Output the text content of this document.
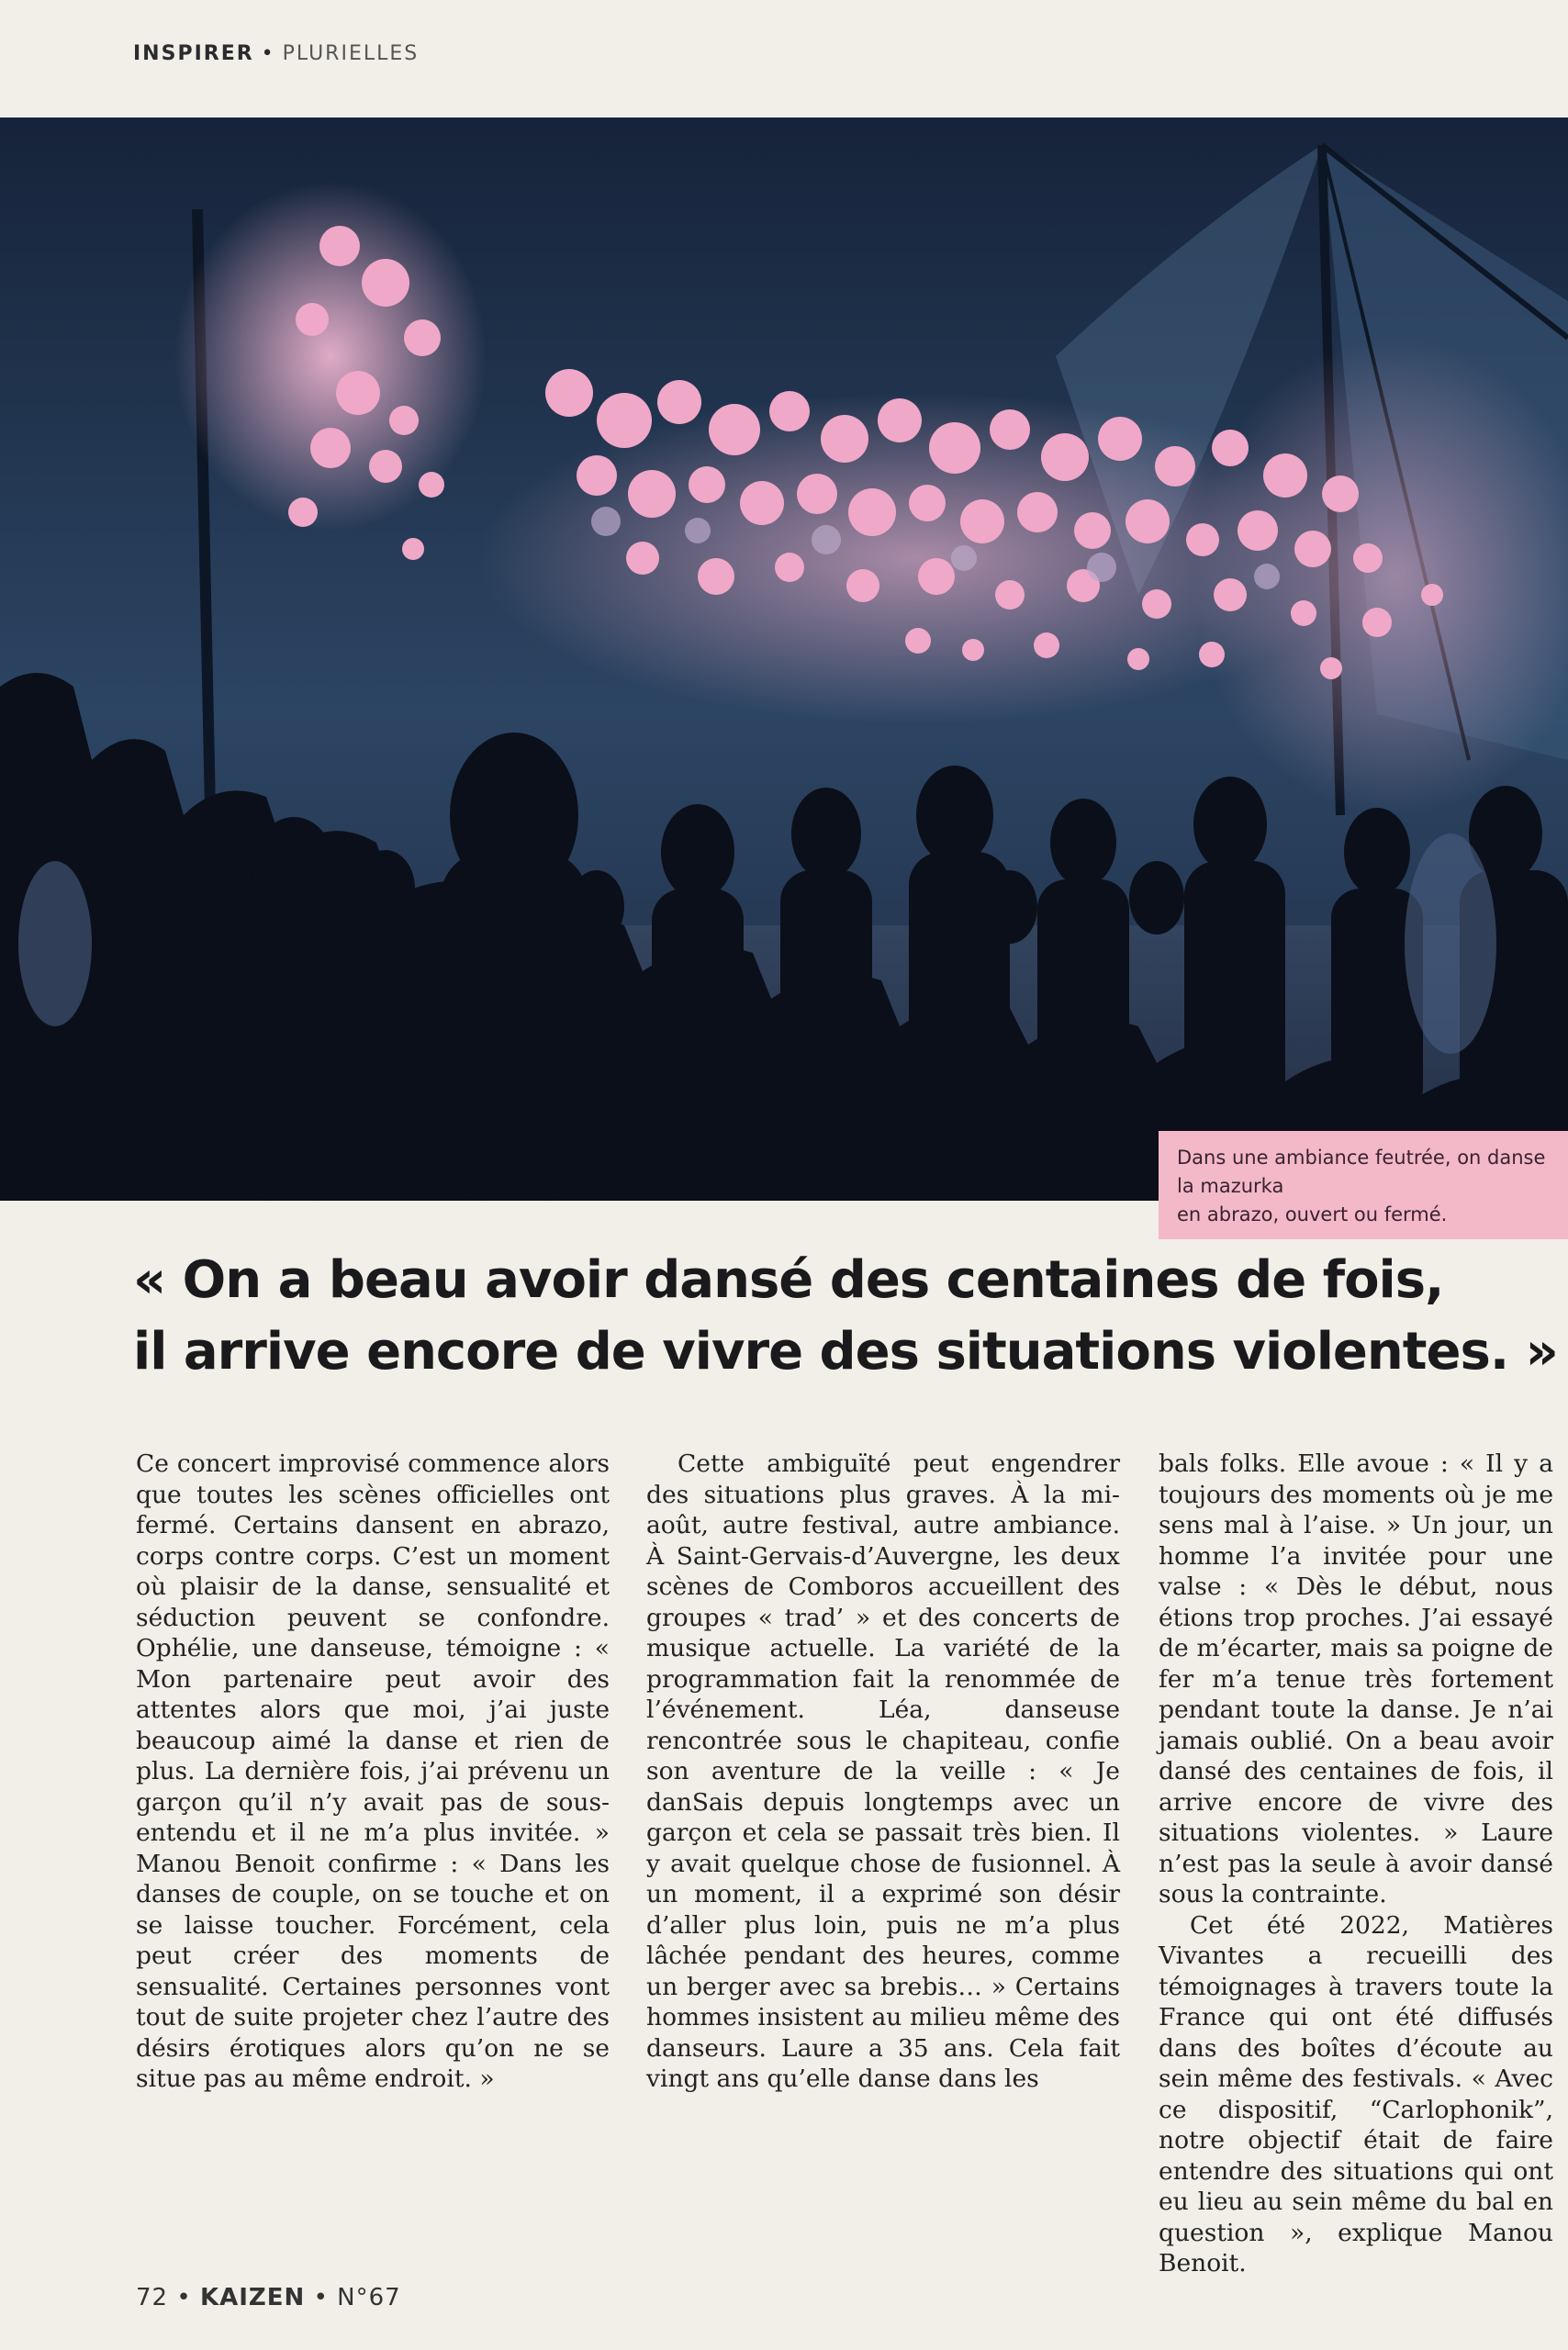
INSPIRER • PLURIELLES
Dans une ambiance feutrée, on danse la mazurka
en abrazo, ouvert ou fermé.
« On a beau avoir dansé des centaines de fois,
il arrive encore de vivre des situations violentes. »

Ce concert improvisé commence alors que toutes les scènes officielles ont fermé. Certains dansent en abrazo, corps contre corps. C’est un moment où plaisir de la danse, sensualité et séduction peuvent se confondre. Ophélie, une danseuse, témoigne : « Mon partenaire peut avoir des attentes alors que moi, j’ai juste beaucoup aimé la danse et rien de plus. La dernière fois, j’ai prévenu un garçon qu’il n’y avait pas de sous-entendu et il ne m’a plus invitée. » Manou Benoit confirme : « Dans les danses de couple, on se touche et on se laisse toucher. Forcément, cela peut créer des moments de sensualité. Certaines personnes vont tout de suite projeter chez l’autre des désirs érotiques alors qu’on ne se situe pas au même endroit. »

Cette ambiguïté peut engendrer des situations plus graves. À la mi-août, autre festival, autre ambiance. À Saint-Gervais-d’Auvergne, les deux scènes de Comboros accueillent des groupes « trad’ » et des concerts de musique actuelle. La variété de la programmation fait la renommée de l’événement. Léa, danseuse rencontrée sous le chapiteau, confie son aventure de la veille : « Je danSais depuis longtemps avec un garçon et cela se passait très bien. Il y avait quelque chose de fusionnel. À un moment, il a exprimé son désir d’aller plus loin, puis ne m’a plus lâchée pendant des heures, comme un berger avec sa brebis… » Certains hommes insistent au milieu même des danseurs. Laure a 35 ans. Cela fait vingt ans qu’elle danse dans les

bals folks. Elle avoue : « Il y a toujours des moments où je me sens mal à l’aise. » Un jour, un homme l’a invitée pour une valse : « Dès le début, nous étions trop proches. J’ai essayé de m’écarter, mais sa poigne de fer m’a tenue très fortement pendant toute la danse. Je n’ai jamais oublié. On a beau avoir dansé des centaines de fois, il arrive encore de vivre des situations violentes. » Laure n’est pas la seule à avoir dansé sous la contrainte.

Cet été 2022, Matières Vivantes a recueilli des témoignages à travers toute la France qui ont été diffusés dans des boîtes d’écoute au sein même des festivals. « Avec ce dispositif, “Carlophonik”, notre objectif était de faire entendre des situations qui ont eu lieu au sein même du bal en question », explique Manou Benoit.

72 • KAIZEN • N°67
